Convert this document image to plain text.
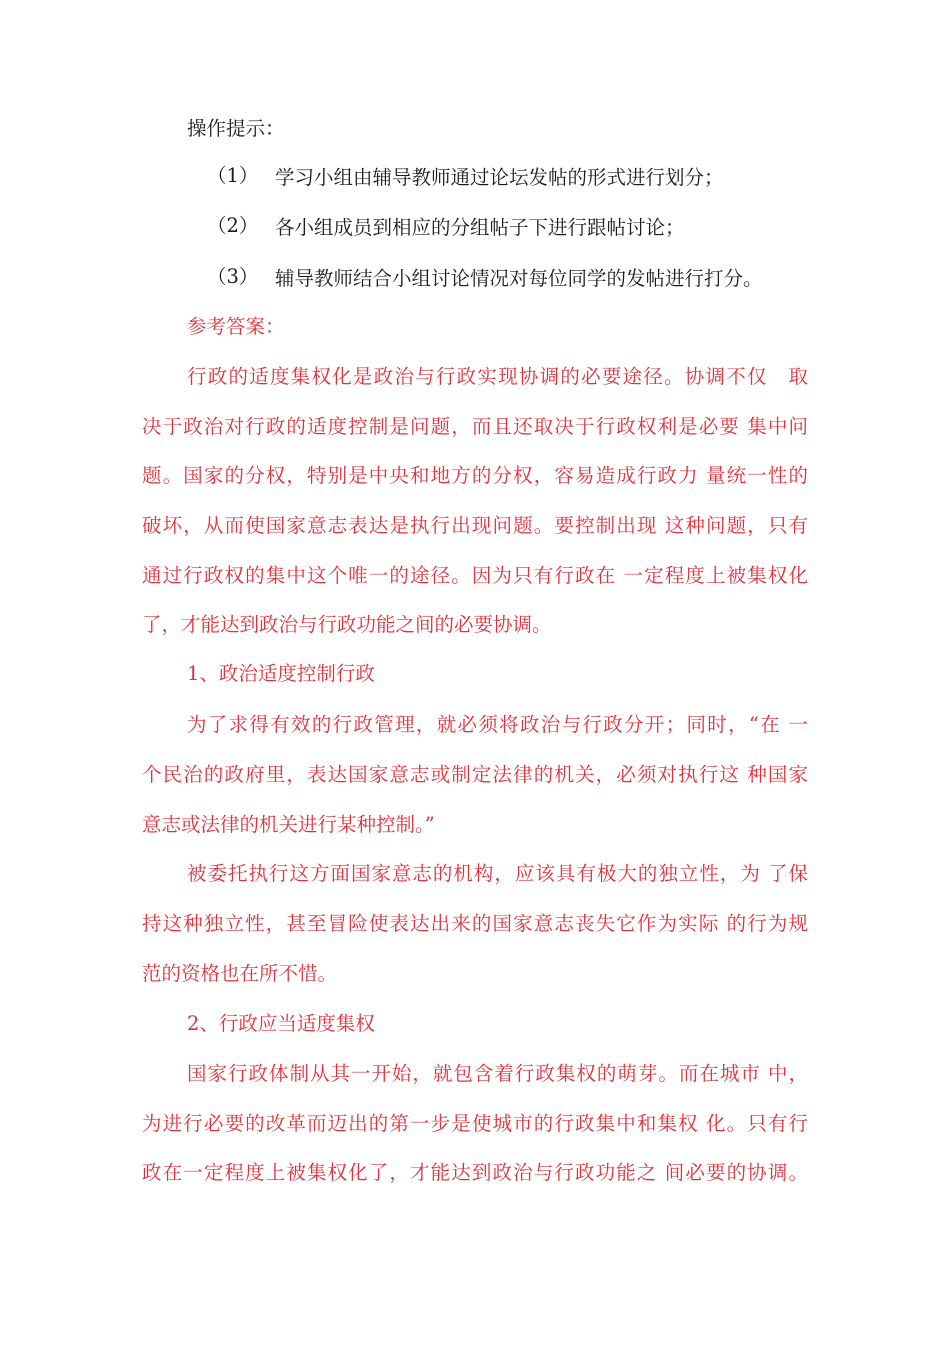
操作提示：
（1） 学习小组由辅导教师通过论坛发帖的形式进行划分；
（2） 各小组成员到相应的分组帖子下进行跟帖讨论；
（3） 辅导教师结合小组讨论情况对每位同学的发帖进行打分。
参考答案：
行政的适度集权化是政治与行政实现协调的必要途径。协调不仅　取
决于政治对行政的适度控制是问题，而且还取决于行政权利是必要 集中问
题。国家的分权，特别是中央和地方的分权，容易造成行政力 量统一性的
破坏，从而使国家意志表达是执行出现问题。要控制出现 这种问题，只有
通过行政权的集中这个唯一的途径。因为只有行政在 一定程度上被集权化
了，才能达到政治与行政功能之间的必要协调。
1、政治适度控制行政
为了求得有效的行政管理，就必须将政治与行政分开；同时，“在 一
个民治的政府里，表达国家意志或制定法律的机关，必须对执行这 种国家
意志或法律的机关进行某种控制。”
被委托执行这方面国家意志的机构，应该具有极大的独立性，为 了保
持这种独立性，甚至冒险使表达出来的国家意志丧失它作为实际 的行为规
范的资格也在所不惜。
2、行政应当适度集权
国家行政体制从其一开始，就包含着行政集权的萌芽。而在城市 中，
为进行必要的改革而迈出的第一步是使城市的行政集中和集权 化。只有行
政在一定程度上被集权化了，才能达到政治与行政功能之 间必要的协调。
